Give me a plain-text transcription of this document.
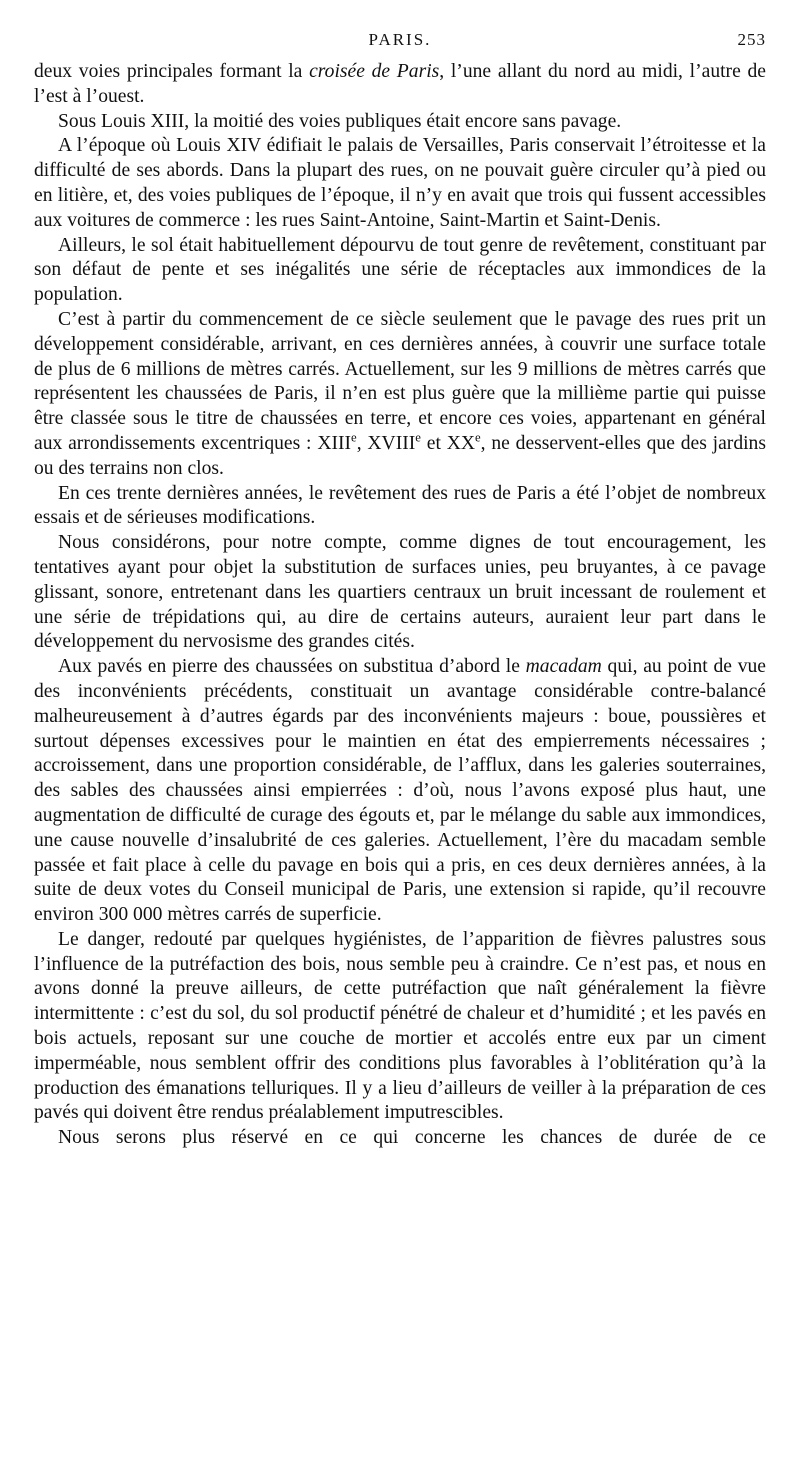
PARIS.	253

deux voies principales formant la croisée de Paris, l’une allant du nord au midi, l’autre de l’est à l’ouest.

Sous Louis XIII, la moitié des voies publiques était encore sans pavage.

A l’époque où Louis XIV édifiait le palais de Versailles, Paris conservait l’étroitesse et la difficulté de ses abords. Dans la plupart des rues, on ne pouvait guère circuler qu’à pied ou en litière, et, des voies publiques de l’époque, il n’y en avait que trois qui fussent accessibles aux voitures de commerce : les rues Saint-Antoine, Saint-Martin et Saint-Denis.

Ailleurs, le sol était habituellement dépourvu de tout genre de revêtement, constituant par son défaut de pente et ses inégalités une série de réceptacles aux immondices de la population.

C’est à partir du commencement de ce siècle seulement que le pavage des rues prit un développement considérable, arrivant, en ces dernières années, à couvrir une surface totale de plus de 6 millions de mètres carrés. Actuellement, sur les 9 millions de mètres carrés que représentent les chaussées de Paris, il n’en est plus guère que la millième partie qui puisse être classée sous le titre de chaussées en terre, et encore ces voies, appartenant en général aux arrondissements excentriques : XIIIe, XVIIIe et XXe, ne desservent-elles que des jardins ou des terrains non clos.

En ces trente dernières années, le revêtement des rues de Paris a été l’objet de nombreux essais et de sérieuses modifications.

Nous considérons, pour notre compte, comme dignes de tout encouragement, les tentatives ayant pour objet la substitution de surfaces unies, peu bruyantes, à ce pavage glissant, sonore, entretenant dans les quartiers centraux un bruit incessant de roulement et une série de trépidations qui, au dire de certains auteurs, auraient leur part dans le développement du nervosisme des grandes cités.

Aux pavés en pierre des chaussées on substitua d’abord le macadam qui, au point de vue des inconvénients précédents, constituait un avantage considérable contre-balancé malheureusement à d’autres égards par des inconvénients majeurs : boue, poussières et surtout dépenses excessives pour le maintien en état des empierrements nécessaires ; accroissement, dans une proportion considérable, de l’afflux, dans les galeries souterraines, des sables des chaussées ainsi empierrées : d’où, nous l’avons exposé plus haut, une augmentation de difficulté de curage des égouts et, par le mélange du sable aux immondices, une cause nouvelle d’insalubrité de ces galeries. Actuellement, l’ère du macadam semble passée et fait place à celle du pavage en bois qui a pris, en ces deux dernières années, à la suite de deux votes du Conseil municipal de Paris, une extension si rapide, qu’il recouvre environ 300 000 mètres carrés de superficie.

Le danger, redouté par quelques hygiénistes, de l’apparition de fièvres palustres sous l’influence de la putréfaction des bois, nous semble peu à craindre. Ce n’est pas, et nous en avons donné la preuve ailleurs, de cette putréfaction que naît généralement la fièvre intermittente : c’est du sol, du sol productif pénétré de chaleur et d’humidité ; et les pavés en bois actuels, reposant sur une couche de mortier et accolés entre eux par un ciment imperméable, nous semblent offrir des conditions plus favorables à l’oblitération qu’à la production des émanations telluriques. Il y a lieu d’ailleurs de veiller à la préparation de ces pavés qui doivent être rendus préalablement imputrescibles.

Nous serons plus réservé en ce qui concerne les chances de durée de ce
